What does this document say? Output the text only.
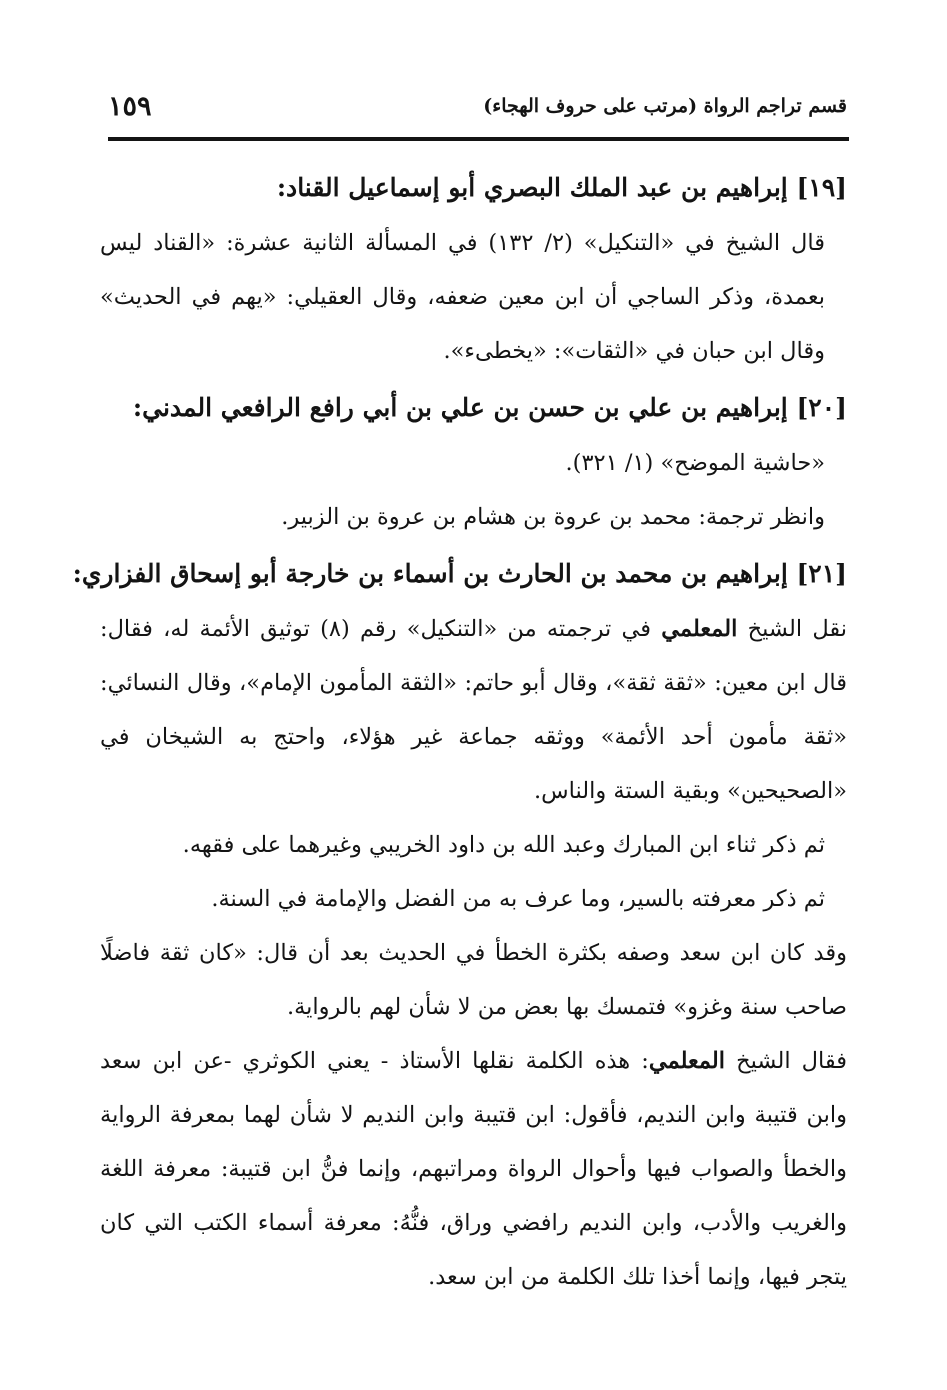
قسم تراجم الرواة (مرتب على حروف الهجاء)
١٥٩
[١٩] إبراهيم بن عبد الملك البصري أبو إسماعيل القناد:

قال الشيخ في «التنكيل» (٢/ ١٣٢) في المسألة الثانية عشرة: «القناد ليس بعمدة، وذكر الساجي أن ابن معين ضعفه، وقال العقيلي: «يهم في الحديث» وقال ابن حبان في «الثقات»: «يخطىء».

[٢٠] إبراهيم بن علي بن حسن بن علي بن أبي رافع الرافعي المدني:

«حاشية الموضح» (١/ ٣٢١).

وانظر ترجمة: محمد بن عروة بن هشام بن عروة بن الزبير.

[٢١] إبراهيم بن محمد بن الحارث بن أسماء بن خارجة أبو إسحاق الفزاري:

نقل الشيخ المعلمي في ترجمته من «التنكيل» رقم (٨) توثيق الأئمة له، فقال: قال ابن معين: «ثقة ثقة»، وقال أبو حاتم: «الثقة المأمون الإمام»، وقال النسائي: «ثقة مأمون أحد الأئمة» ووثقه جماعة غير هؤلاء، واحتج به الشيخان في «الصحيحين» وبقية الستة والناس.

ثم ذكر ثناء ابن المبارك وعبد الله بن داود الخريبي وغيرهما على فقهه.

ثم ذكر معرفته بالسير، وما عرف به من الفضل والإمامة في السنة.

وقد كان ابن سعد وصفه بكثرة الخطأ في الحديث بعد أن قال: «كان ثقة فاضلًا صاحب سنة وغزو» فتمسك بها بعض من لا شأن لهم بالرواية.

فقال الشيخ المعلمي: هذه الكلمة نقلها الأستاذ - يعني الكوثري -عن ابن سعد وابن قتيبة وابن النديم، فأقول: ابن قتيبة وابن النديم لا شأن لهما بمعرفة الرواية والخطأ والصواب فيها وأحوال الرواة ومراتبهم، وإنما فنُّ ابن قتيبة: معرفة اللغة والغريب والأدب، وابن النديم رافضي وراق، فنُّهُ: معرفة أسماء الكتب التي كان يتجر فيها، وإنما أخذا تلك الكلمة من ابن سعد.
